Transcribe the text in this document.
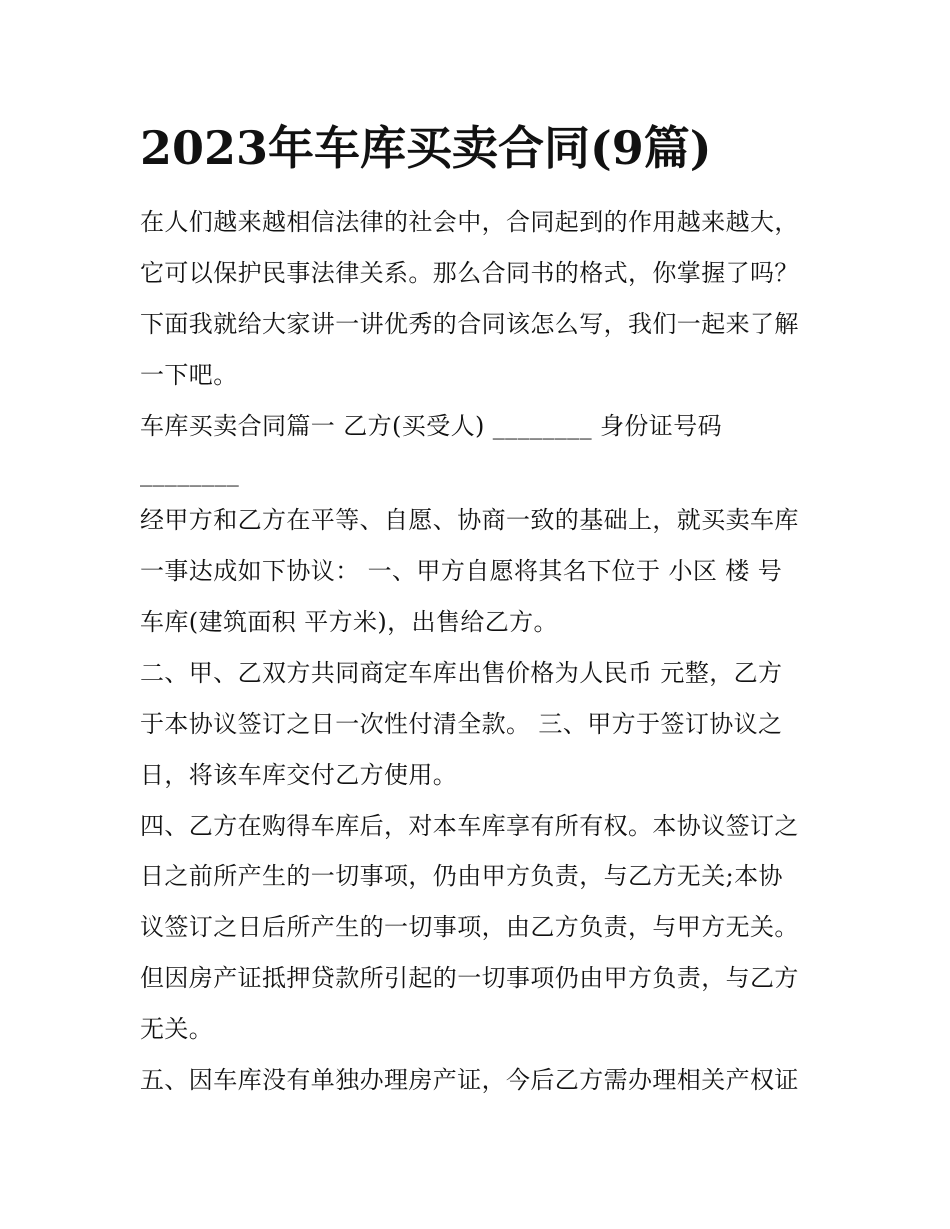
2023年车库买卖合同(9篇)

在人们越来越相信法律的社会中，合同起到的作用越来越大，

它可以保护民事法律关系。那么合同书的格式，你掌握了吗？

下面我就给大家讲一讲优秀的合同该怎么写，我们一起来了解

一下吧。

车库买卖合同篇一 乙方(买受人) ________ 身份证号码

________

经甲方和乙方在平等、自愿、协商一致的基础上，就买卖车库

一事达成如下协议： 一、甲方自愿将其名下位于 小区 楼 号

车库(建筑面积 平方米)，出售给乙方。

二、甲、乙双方共同商定车库出售价格为人民币 元整，乙方

于本协议签订之日一次性付清全款。 三、甲方于签订协议之

日，将该车库交付乙方使用。

四、乙方在购得车库后，对本车库享有所有权。本协议签订之

日之前所产生的一切事项，仍由甲方负责，与乙方无关;本协

议签订之日后所产生的一切事项，由乙方负责，与甲方无关。

但因房产证抵押贷款所引起的一切事项仍由甲方负责，与乙方

无关。

五、因车库没有单独办理房产证，今后乙方需办理相关产权证
